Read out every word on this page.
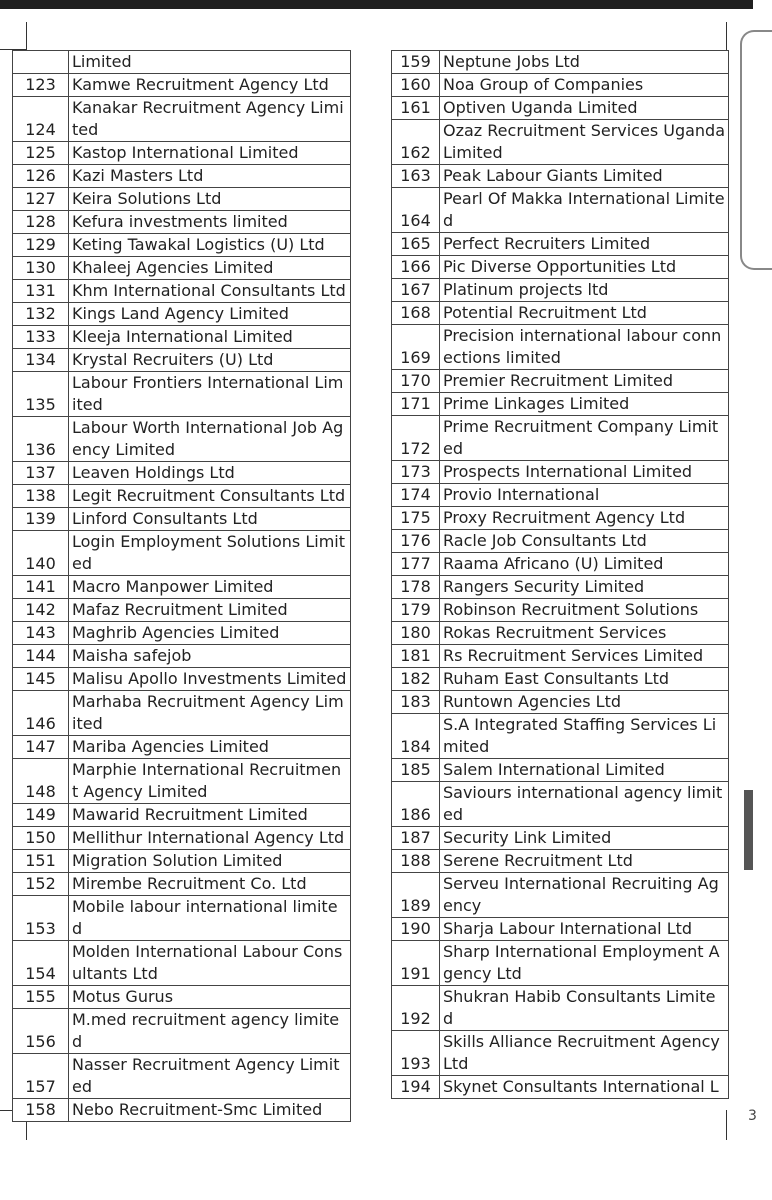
	Limited
123	Kamwe Recruitment Agency Ltd
124	Kanakar Recruitment Agency Limited
125	Kastop International Limited
126	Kazi Masters Ltd
127	Keira Solutions Ltd
128	Kefura investments limited
129	Keting Tawakal Logistics (U) Ltd
130	Khaleej Agencies Limited
131	Khm International Consultants Ltd
132	Kings Land Agency Limited
133	Kleeja International Limited
134	Krystal Recruiters (U) Ltd
135	Labour Frontiers International Limited
136	Labour Worth International Job Agency Limited
137	Leaven Holdings Ltd
138	Legit Recruitment Consultants Ltd
139	Linford Consultants Ltd
140	Login Employment Solutions Limited
141	Macro Manpower Limited
142	Mafaz Recruitment Limited
143	Maghrib Agencies Limited
144	Maisha safejob
145	Malisu Apollo Investments Limited
146	Marhaba Recruitment Agency Limited
147	Mariba Agencies Limited
148	Marphie International Recruitment Agency Limited
149	Mawarid Recruitment Limited
150	Mellithur International Agency Ltd
151	Migration Solution Limited
152	Mirembe Recruitment Co. Ltd
153	Mobile labour international limited
154	Molden International Labour Consultants Ltd
155	Motus Gurus
156	M.med recruitment agency limited
157	Nasser Recruitment Agency Limited
158	Nebo Recruitment-Smc Limited
159	Neptune Jobs Ltd
160	Noa Group of Companies
161	Optiven Uganda Limited
162	Ozaz Recruitment Services Uganda Limited
163	Peak Labour Giants Limited
164	Pearl Of Makka International Limited
165	Perfect Recruiters Limited
166	Pic Diverse Opportunities Ltd
167	Platinum projects ltd
168	Potential Recruitment Ltd
169	Precision international labour connections limited
170	Premier Recruitment Limited
171	Prime Linkages Limited
172	Prime Recruitment Company Limited
173	Prospects International Limited
174	Provio International
175	Proxy Recruitment Agency Ltd
176	Racle Job Consultants Ltd
177	Raama Africano (U) Limited
178	Rangers Security Limited
179	Robinson Recruitment Solutions
180	Rokas Recruitment Services
181	Rs Recruitment Services Limited
182	Ruham East Consultants Ltd
183	Runtown Agencies Ltd
184	S.A Integrated Staffing Services Limited
185	Salem International Limited
186	Saviours international agency limited
187	Security Link Limited
188	Serene Recruitment Ltd
189	Serveu International Recruiting Agency
190	Sharja Labour International Ltd
191	Sharp International Employment Agency Ltd
192	Shukran Habib Consultants Limited
193	Skills Alliance Recruitment Agency Ltd
194	Skynet Consultants International L
3
